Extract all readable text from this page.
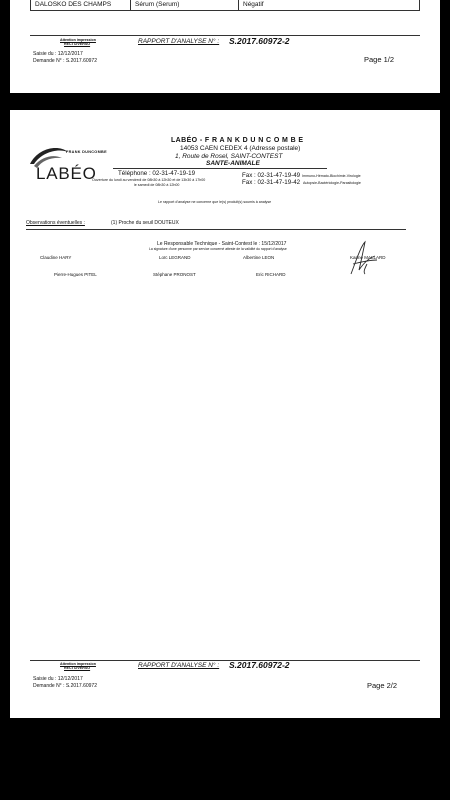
DALOSKO DES CHAMPS	Sérum (Serum)	Négatif
Attention impression
RECTO/VERSO	RAPPORT D'ANALYSE N° : S.2017.60972-2
Saisie du : 12/12/2017
Demande N° : S.2017.60972	Page 1/2
FRANK DUNCOMBE
LABÉO
LABÉO - F R A N K D U N C O M B E
14053 CAEN CEDEX 4 (Adresse postale)
1, Route de Rosel, SAINT-CONTEST
SANTE-ANIMALE
Téléphone : 02-31-47-19-19
Ouverture du lundi au vendredi de 08h30 à 12h30 et de 13h30 à 17h00
le samedi de 08h30 à 12h00
Fax : 02-31-47-19-49 Immuno-Hémato-Biochimie-Virologie
Fax : 02-31-47-19-42 Autopsie-Bactériologie-Parasitologie
Le rapport d'analyse ne concerne que le(s) produit(s) soumis à analyse
Observations éventuelles :	(1) Proche du seuil DOUTEUX
Le Responsable Technique - Saint-Contest le : 15/12/2017
La signature d'une personne par service concerné atteste de la validité du rapport d'analyse
Claudine HARY	Loïc LEGRAND	Albertine LEON	Karine MALLARD
Pierre-Hugues PITEL	Stéphane PRONOST	Eric RICHARD
Attention impression
RECTO/VERSO	RAPPORT D'ANALYSE N° : S.2017.60972-2
Saisie du : 12/12/2017
Demande N° : S.2017.60972	Page 2/2
